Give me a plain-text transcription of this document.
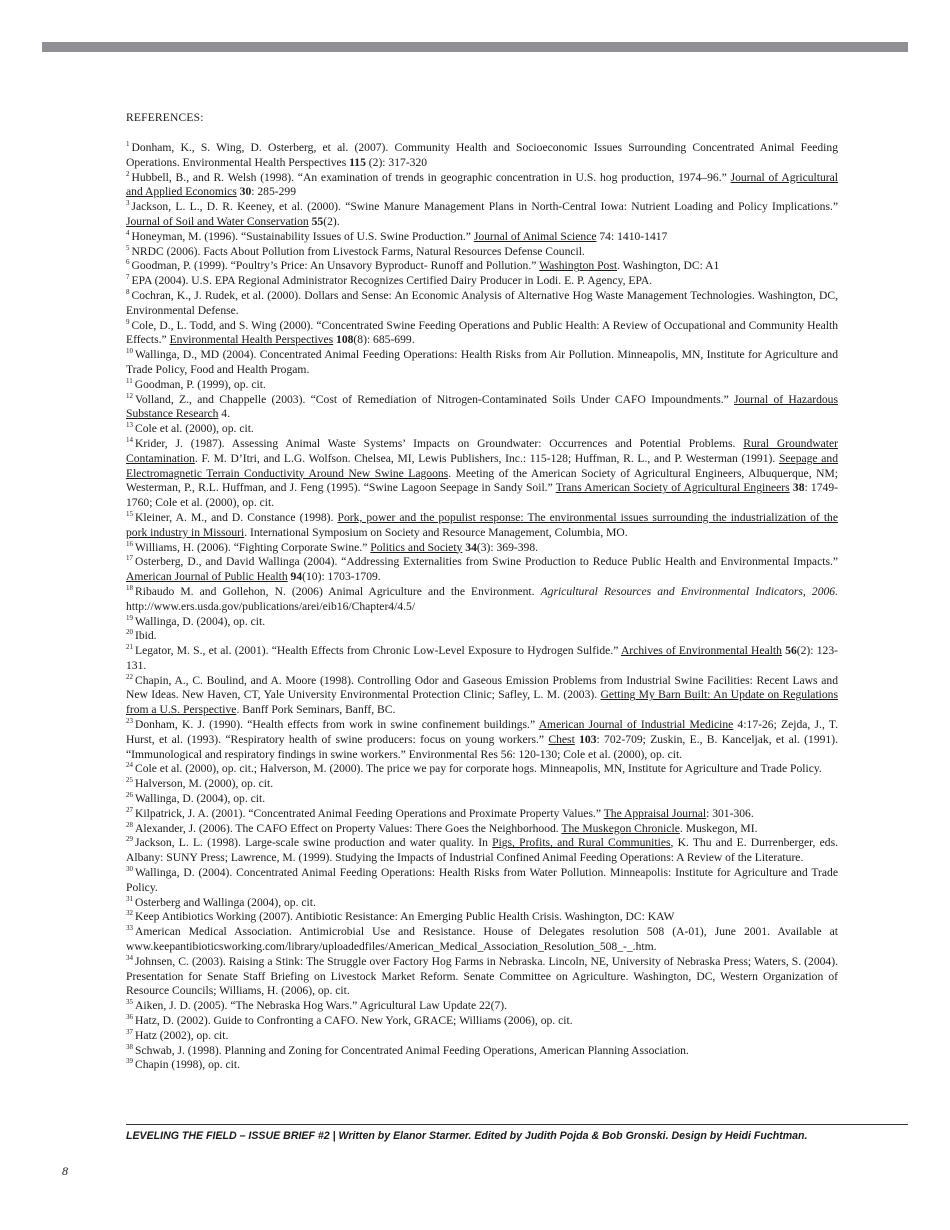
REFERENCES:

$^1$ Donham, K., S. Wing, D. Osterberg, et al. (2007). Community Health and Socioeconomic Issues Surrounding Concentrated Animal Feeding Operations. Environmental Health Perspectives 115 (2): 317-320

$^2$ Hubbell, B., and R. Welsh (1998). “An examination of trends in geographic concentration in U.S. hog production, 1974–96.” Journal of Agricultural and Applied Economics 30: 285-299

$^3$ Jackson, L. L., D. R. Keeney, et al. (2000). “Swine Manure Management Plans in North-Central Iowa: Nutrient Loading and Policy Implications.” Journal of Soil and Water Conservation 55(2).

$^4$ Honeyman, M. (1996). “Sustainability Issues of U.S. Swine Production.” Journal of Animal Science 74: 1410-1417

$^5$ NRDC (2006). Facts About Pollution from Livestock Farms, Natural Resources Defense Council.

$^6$ Goodman, P. (1999). “Poultry’s Price: An Unsavory Byproduct- Runoff and Pollution.” Washington Post. Washington, DC: A1

$^7$ EPA (2004). U.S. EPA Regional Administrator Recognizes Certified Dairy Producer in Lodi. E. P. Agency, EPA.

$^8$ Cochran, K., J. Rudek, et al. (2000). Dollars and Sense: An Economic Analysis of Alternative Hog Waste Management Technologies. Washington, DC, Environmental Defense.

$^9$ Cole, D., L. Todd, and S. Wing (2000). “Concentrated Swine Feeding Operations and Public Health: A Review of Occupational and Community Health Effects.” Environmental Health Perspectives 108(8): 685-699.

$^{10}$ Wallinga, D., MD (2004). Concentrated Animal Feeding Operations: Health Risks from Air Pollution. Minneapolis, MN, Institute for Agriculture and Trade Policy, Food and Health Progam.

$^{11}$ Goodman, P. (1999), op. cit.

$^{12}$ Volland, Z., and Chappelle (2003). “Cost of Remediation of Nitrogen-Contaminated Soils Under CAFO Impoundments.” Journal of Hazardous Substance Research 4.

$^{13}$ Cole et al. (2000), op. cit.

$^{14}$ Krider, J. (1987). Assessing Animal Waste Systems’ Impacts on Groundwater: Occurrences and Potential Problems. Rural Groundwater Contamination. F. M. D’Itri, and L.G. Wolfson. Chelsea, MI, Lewis Publishers, Inc.: 115-128; Huffman, R. L., and P. Westerman (1991). Seepage and Electromagnetic Terrain Conductivity Around New Swine Lagoons. Meeting of the American Society of Agricultural Engineers, Albuquerque, NM; Westerman, P., R.L. Huffman, and J. Feng (1995). “Swine Lagoon Seepage in Sandy Soil.” Trans American Society of Agricultural Engineers 38: 1749-1760; Cole et al. (2000), op. cit.

$^{15}$ Kleiner, A. M., and D. Constance (1998). Pork, power and the populist response: The environmental issues surrounding the industrialization of the pork industry in Missouri. International Symposium on Society and Resource Management, Columbia, MO.

$^{16}$ Williams, H. (2006). “Fighting Corporate Swine.” Politics and Society 34(3): 369-398.

$^{17}$ Osterberg, D., and David Wallinga (2004). “Addressing Externalities from Swine Production to Reduce Public Health and Environmental Impacts.” American Journal of Public Health 94(10): 1703-1709.

$^{18}$ Ribaudo M. and Gollehon, N. (2006) Animal Agriculture and the Environment. Agricultural Resources and Environmental Indicators, 2006. http://www.ers.usda.gov/publications/arei/eib16/Chapter4/4.5/

$^{19}$ Wallinga, D. (2004), op. cit.

$^{20}$ Ibid.

$^{21}$ Legator, M. S., et al. (2001). “Health Effects from Chronic Low-Level Exposure to Hydrogen Sulfide.” Archives of Environmental Health 56(2): 123-131.

$^{22}$ Chapin, A., C. Boulind, and A. Moore (1998). Controlling Odor and Gaseous Emission Problems from Industrial Swine Facilities: Recent Laws and New Ideas. New Haven, CT, Yale University Environmental Protection Clinic; Safley, L. M. (2003). Getting My Barn Built: An Update on Regulations from a U.S. Perspective. Banff Pork Seminars, Banff, BC.

$^{23}$ Donham, K. J. (1990). “Health effects from work in swine confinement buildings.” American Journal of Industrial Medicine 4:17-26; Zejda, J., T. Hurst, et al. (1993). “Respiratory health of swine producers: focus on young workers.” Chest 103: 702-709; Zuskin, E., B. Kanceljak, et al. (1991). “Immunological and respiratory findings in swine workers.” Environmental Res 56: 120-130; Cole et al. (2000), op. cit.

$^{24}$ Cole et al. (2000), op. cit.; Halverson, M. (2000). The price we pay for corporate hogs. Minneapolis, MN, Institute for Agriculture and Trade Policy.

$^{25}$ Halverson, M. (2000), op. cit.

$^{26}$ Wallinga, D. (2004), op. cit.

$^{27}$ Kilpatrick, J. A. (2001). “Concentrated Animal Feeding Operations and Proximate Property Values.” The Appraisal Journal: 301-306.

$^{28}$ Alexander, J. (2006). The CAFO Effect on Property Values: There Goes the Neighborhood. The Muskegon Chronicle. Muskegon, MI.

$^{29}$ Jackson, L. L. (1998). Large-scale swine production and water quality. In Pigs, Profits, and Rural Communities, K. Thu and E. Durrenberger, eds. Albany: SUNY Press; Lawrence, M. (1999). Studying the Impacts of Industrial Confined Animal Feeding Operations: A Review of the Literature.

$^{30}$ Wallinga, D. (2004). Concentrated Animal Feeding Operations: Health Risks from Water Pollution. Minneapolis: Institute for Agriculture and Trade Policy.

$^{31}$ Osterberg and Wallinga (2004), op. cit.

$^{32}$ Keep Antibiotics Working (2007). Antibiotic Resistance: An Emerging Public Health Crisis. Washington, DC: KAW

$^{33}$ American Medical Association. Antimicrobial Use and Resistance. House of Delegates resolution 508 (A-01), June 2001. Available at www.keepantibioticsworking.com/library/uploadedfiles/American_Medical_Association_Resolution_508_-_.htm.

$^{34}$ Johnsen, C. (2003). Raising a Stink: The Struggle over Factory Hog Farms in Nebraska. Lincoln, NE, University of Nebraska Press; Waters, S. (2004). Presentation for Senate Staff Briefing on Livestock Market Reform. Senate Committee on Agriculture. Washington, DC, Western Organization of Resource Councils; Williams, H. (2006), op. cit.

$^{35}$ Aiken, J. D. (2005). “The Nebraska Hog Wars.” Agricultural Law Update 22(7).

$^{36}$ Hatz, D. (2002). Guide to Confronting a CAFO. New York, GRACE; Williams (2006), op. cit.

$^{37}$ Hatz (2002), op. cit.

$^{38}$ Schwab, J. (1998). Planning and Zoning for Concentrated Animal Feeding Operations, American Planning Association.

$^{39}$ Chapin (1998), op. cit.

LEVELING THE FIELD – ISSUE BRIEF #2 | Written by Elanor Starmer. Edited by Judith Pojda & Bob Gronski. Design by Heidi Fuchtman.
8
